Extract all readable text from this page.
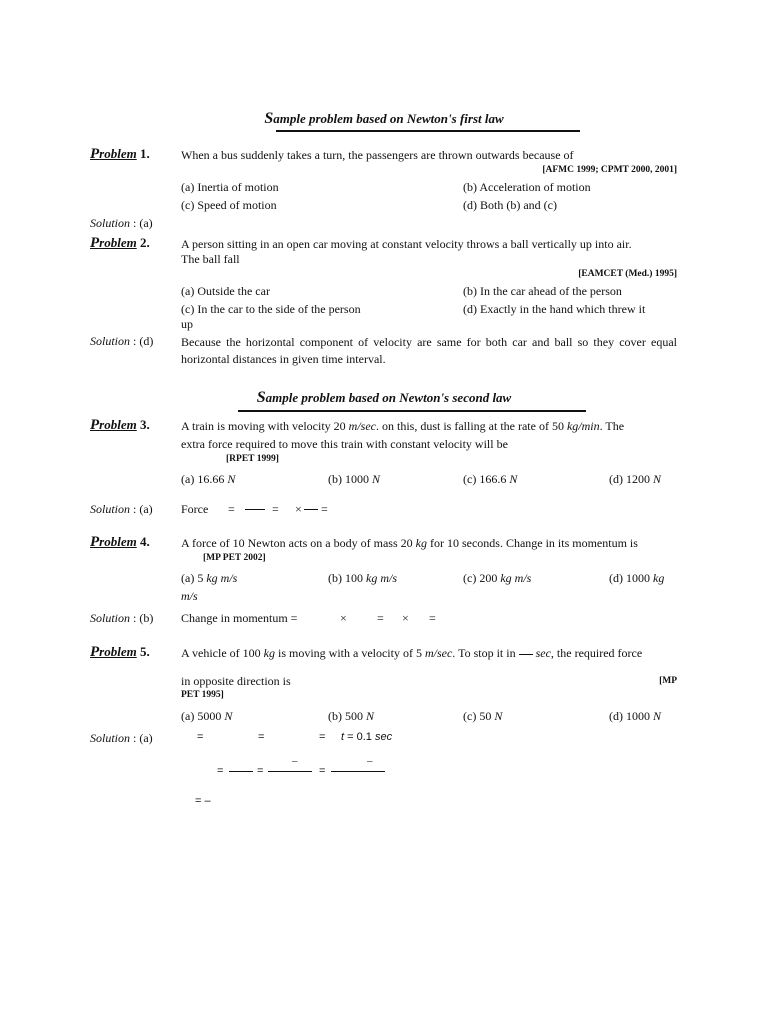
Sample problem based on Newton's first law
Problem 1.	When a bus suddenly takes a turn, the passengers are thrown outwards because of
[AFMC 1999; CPMT 2000, 2001]
(a) Inertia of motion	(b) Acceleration of motion
(c) Speed of motion	(d) Both (b) and (c)
Solution : (a)
Problem 2.	A person sitting in an open car moving at constant velocity throws a ball vertically up into air.
The ball fall
[EAMCET (Med.) 1995]
(a) Outside the car	(b) In the car ahead of the person
(c) In the car to the side of the person	(d) Exactly in the hand which threw it
up
Solution : (d) Because the horizontal component of velocity are same for both car and ball so they cover equal horizontal distances in given time interval.
Sample problem based on Newton's second law
Problem 3.	A train is moving with velocity 20 m/sec. on this, dust is falling at the rate of 50 kg/min. The
extra force required to move this train with constant velocity will be
[RPET 1999]
(a) 16.66 N	(b) 1000 N	(c) 166.6 N	(d) 1200 N
Solution : (a) Force =	= × =
Problem 4.	A force of 10 Newton acts on a body of mass 20 kg for 10 seconds. Change in its momentum is
[MP PET 2002]
(a) 5 kg m/s	(b) 100 kg m/s	(c) 200 kg m/s	(d) 1000 kg
m/s
Solution : (b) Change in momentum =	×	= × =
Problem 5.	A vehicle of 100 kg is moving with a velocity of 5 m/sec. To stop it in sec, the required force
in opposite direction is	[MP
PET 1995]
(a) 5000 N	(b) 500 N	(c) 50 N	(d) 1000 N
Solution : (a)	=	=	= t = 0.1 sec
=	=
–
=
–
= –
